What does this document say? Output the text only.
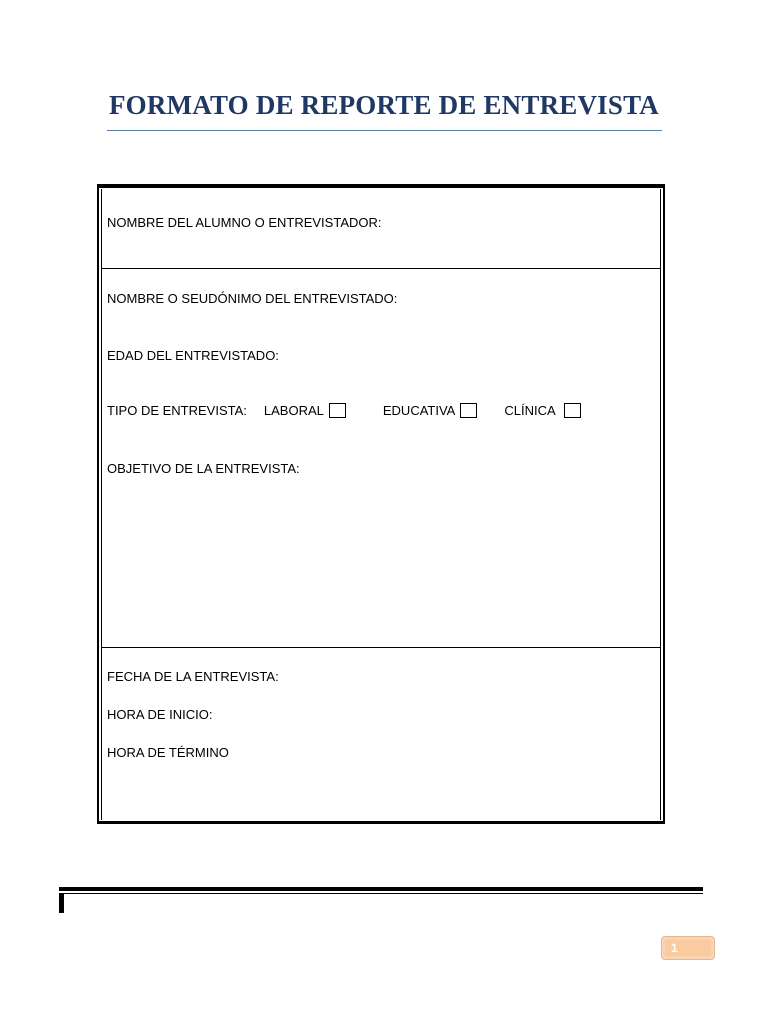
FORMATO DE REPORTE DE ENTREVISTA
NOMBRE DEL ALUMNO O ENTREVISTADOR:
NOMBRE O SEUDÓNIMO DEL ENTREVISTADO:
EDAD DEL ENTREVISTADO:
TIPO DE ENTREVISTA: LABORAL	EDUCATIVA	CLÍNICA
OBJETIVO DE LA ENTREVISTA:
FECHA DE LA ENTREVISTA:
HORA DE INICIO:
HORA DE TÉRMINO
1
